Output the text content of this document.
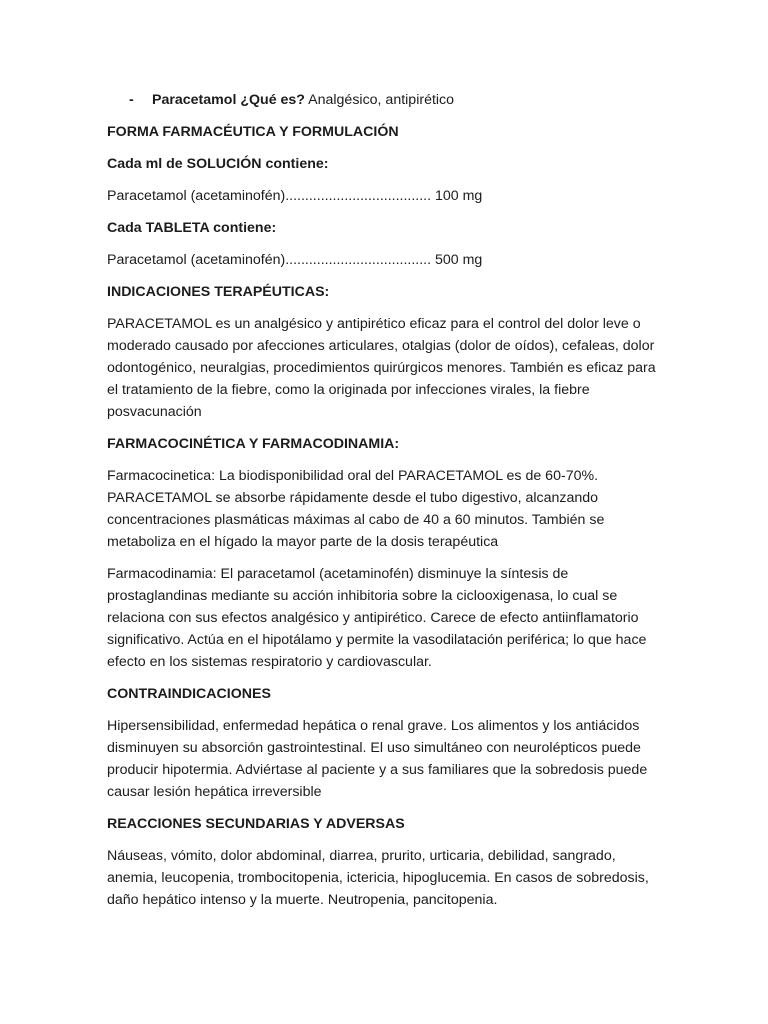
- Paracetamol ¿Qué es? Analgésico, antipirético
FORMA FARMACÉUTICA Y FORMULACIÓN
Cada ml de SOLUCIÓN contiene:
Paracetamol (acetaminofén)..................................... 100 mg
Cada TABLETA contiene:
Paracetamol (acetaminofén)..................................... 500 mg
INDICACIONES TERAPÉUTICAS:
PARACETAMOL es un analgésico y antipirético eficaz para el control del dolor leve o moderado causado por afecciones articulares, otalgias (dolor de oídos), cefaleas, dolor odontogénico, neuralgias, procedimientos quirúrgicos menores. También es eficaz para el tratamiento de la fiebre, como la originada por infecciones virales, la fiebre posvacunación
FARMACOCINÉTICA Y FARMACODINAMIA:
Farmacocinetica: La biodisponibilidad oral del PARACETAMOL es de 60-70%. PARACETAMOL se absorbe rápidamente desde el tubo digestivo, alcanzando concentraciones plasmáticas máximas al cabo de 40 a 60 minutos. También se metaboliza en el hígado la mayor parte de la dosis terapéutica
Farmacodinamia: El paracetamol (acetaminofén) disminuye la síntesis de prostaglandinas mediante su acción inhibitoria sobre la ciclooxigenasa, lo cual se relaciona con sus efectos analgésico y antipirético. Carece de efecto antiinflamatorio significativo. Actúa en el hipotálamo y permite la vasodilatación periférica; lo que hace efecto en los sistemas respiratorio y cardiovascular.
CONTRAINDICACIONES
Hipersensibilidad, enfermedad hepática o renal grave. Los alimentos y los antiácidos disminuyen su absorción gastrointestinal. El uso simultáneo con neurolépticos puede producir hipotermia. Adviértase al paciente y a sus familiares que la sobredosis puede causar lesión hepática irreversible
REACCIONES SECUNDARIAS Y ADVERSAS
Náuseas, vómito, dolor abdominal, diarrea, prurito, urticaria, debilidad, sangrado, anemia, leucopenia, trombocitopenia, ictericia, hipoglucemia. En casos de sobredosis, daño hepático intenso y la muerte. Neutropenia, pancitopenia.
